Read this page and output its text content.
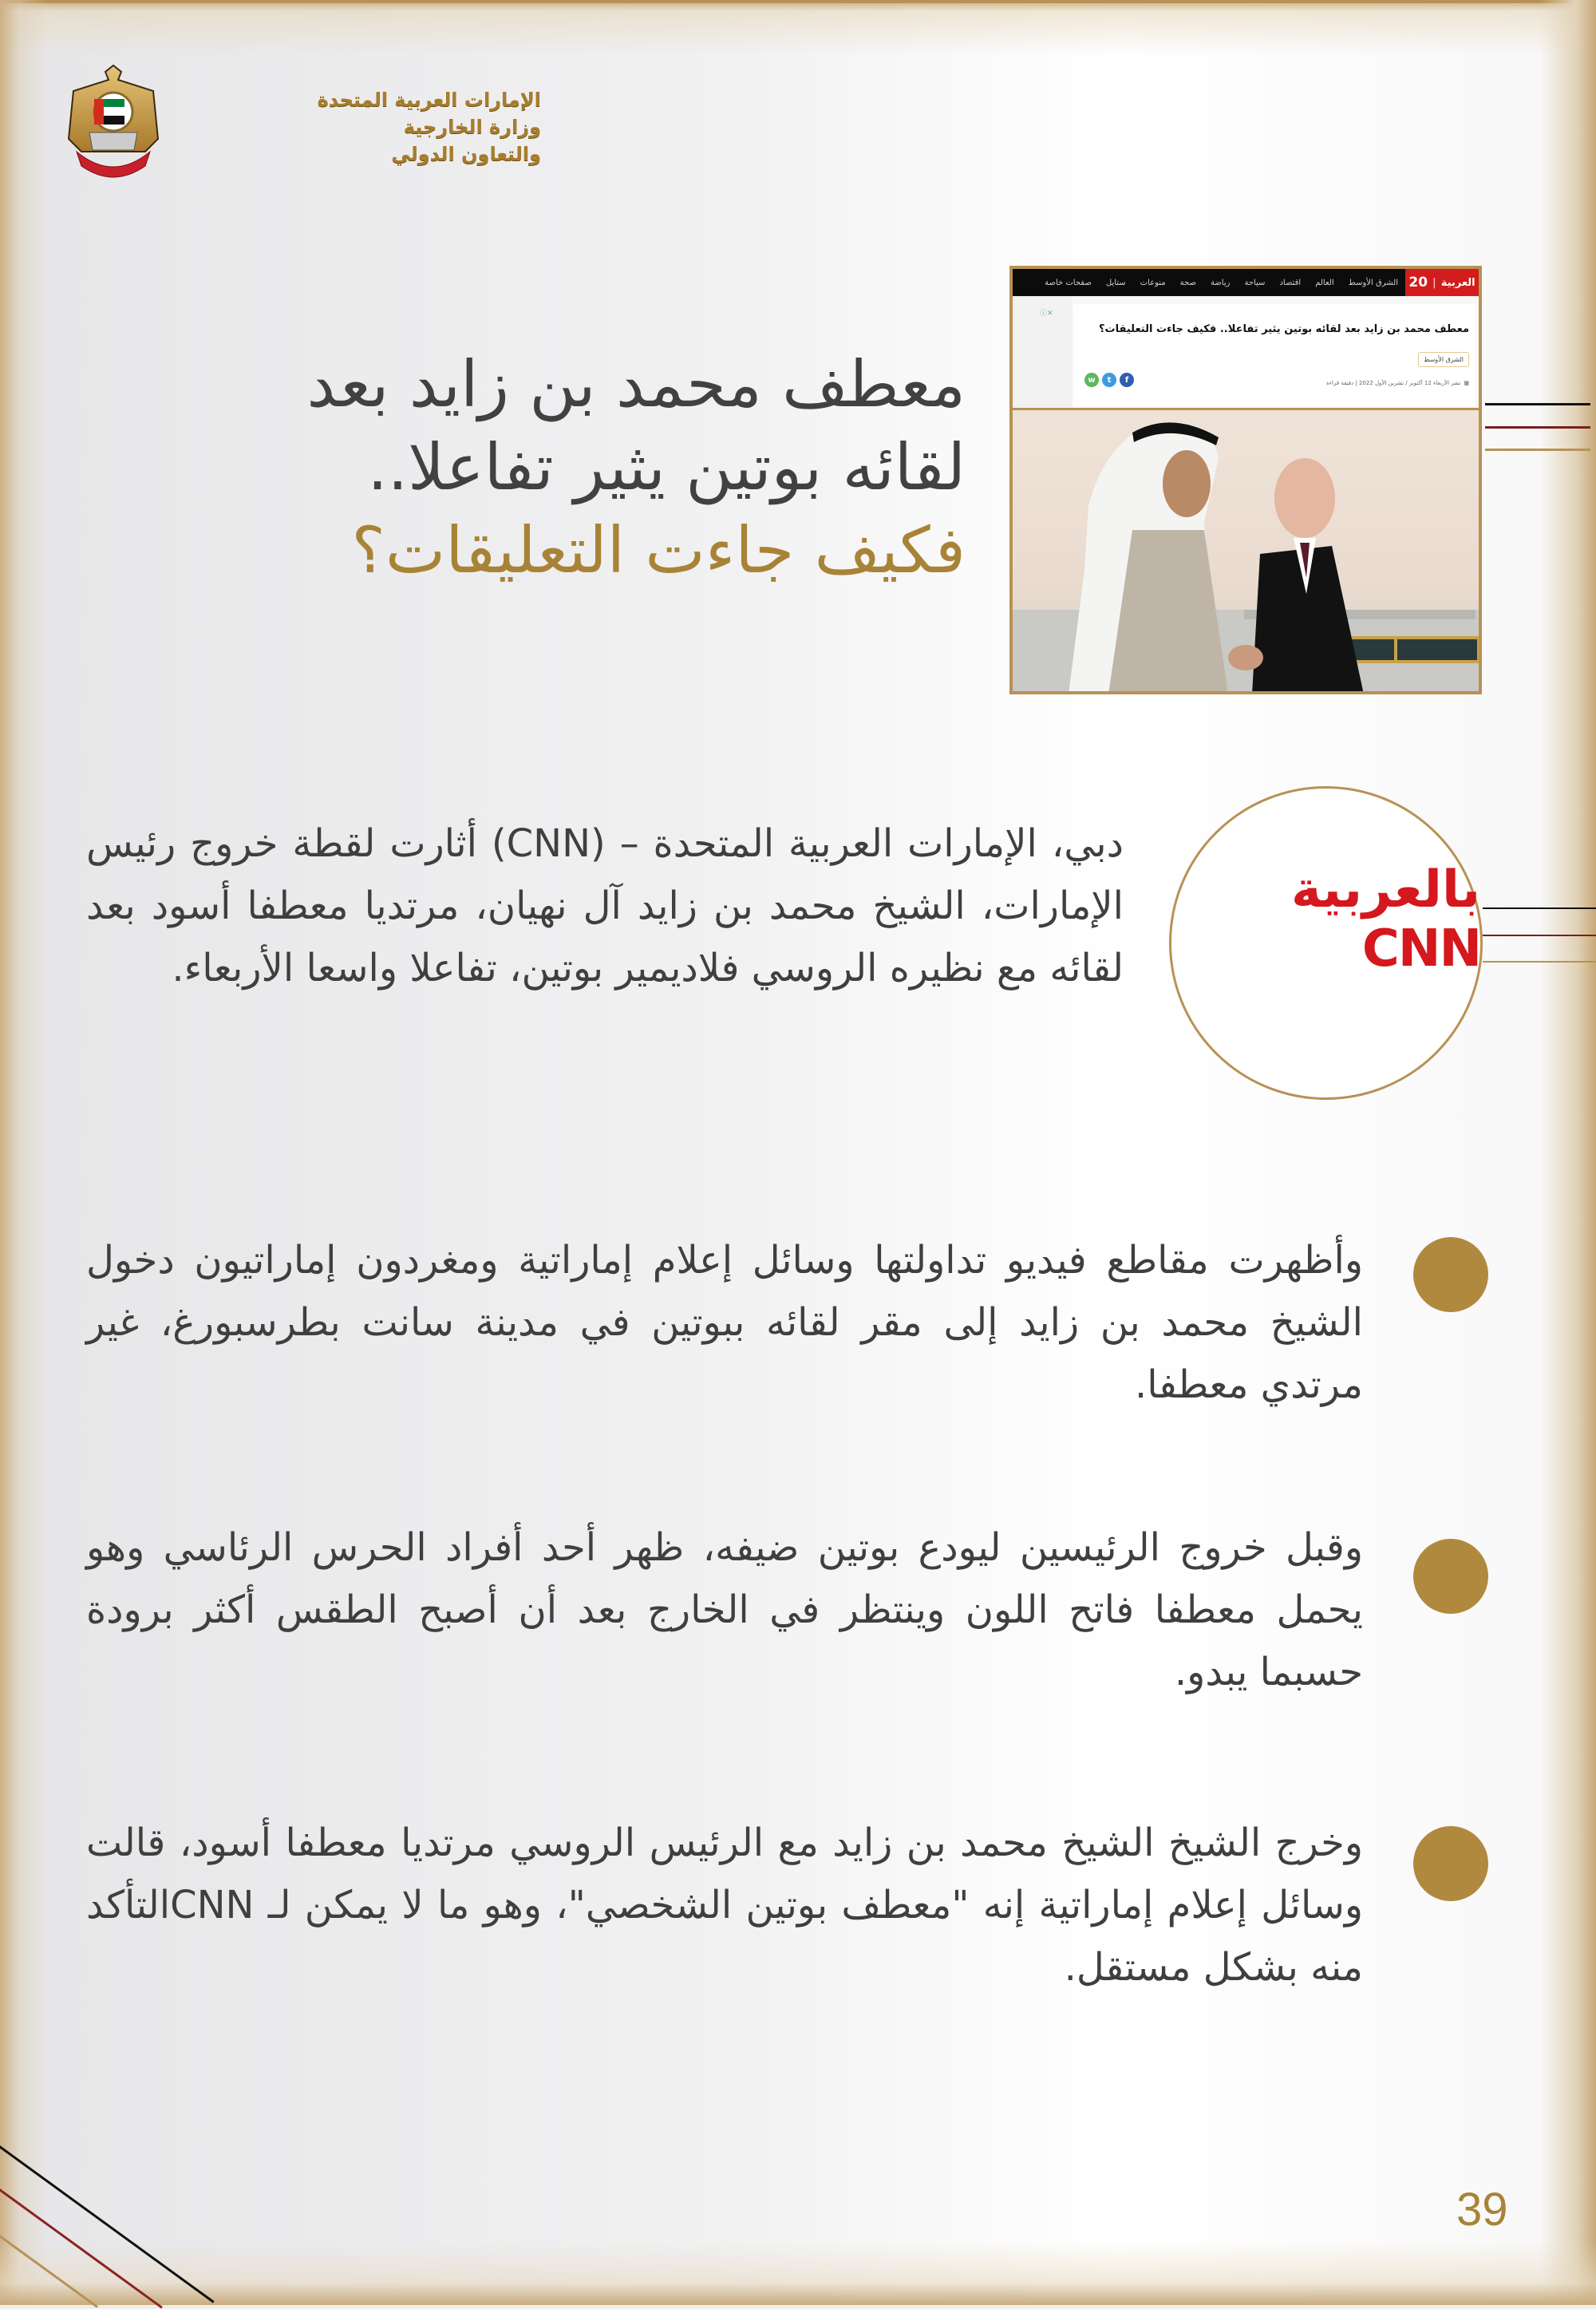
الإمارات العربية المتحدة
وزارة الخارجية
والتعاون الدولي
العربية
|
20
الشرق الأوسط
العالم
اقتصاد
سياحة
رياضة
صحة
منوعات
ستايل
صفحات خاصة
ⓘ✕
معطف محمد بن زايد بعد لقائه بوتين يثير تفاعلا.. فكيف جاءت التعليقات؟
الشرق الأوسط
▦
نشر الأربعاء 12 أكتوبر / تشرين الأول 2022 | دقيقة قراءة
w	t	f
معطف محمد بن زايد بعد
لقائه بوتين يثير تفاعلا..
فكيف جاءت التعليقات؟
بالعربية CNN
دبي، الإمارات العربية المتحدة – (CNN) أثارت لقطة خروج رئيس الإمارات، الشيخ محمد بن زايد آل نهيان، مرتديا معطفا أسود بعد لقائه مع نظيره الروسي فلاديمير بوتين، تفاعلا واسعا الأربعاء.
وأظهرت مقاطع فيديو تداولتها وسائل إعلام إماراتية ومغردون إماراتيون دخول الشيخ محمد بن زايد إلى مقر لقائه ببوتين في مدينة سانت بطرسبورغ، غير مرتدي معطفا.
وقبل خروج الرئيسين ليودع بوتين ضيفه، ظهر أحد أفراد الحرس الرئاسي وهو يحمل معطفا فاتح اللون وينتظر في الخارج بعد أن أصبح الطقس أكثر برودة حسبما يبدو.
وخرج الشيخ الشيخ محمد بن زايد مع الرئيس الروسي مرتديا معطفا أسود، قالت وسائل إعلام إماراتية إنه "معطف بوتين الشخصي"، وهو ما لا يمكن لـ CNNالتأكد منه بشكل مستقل.
39
